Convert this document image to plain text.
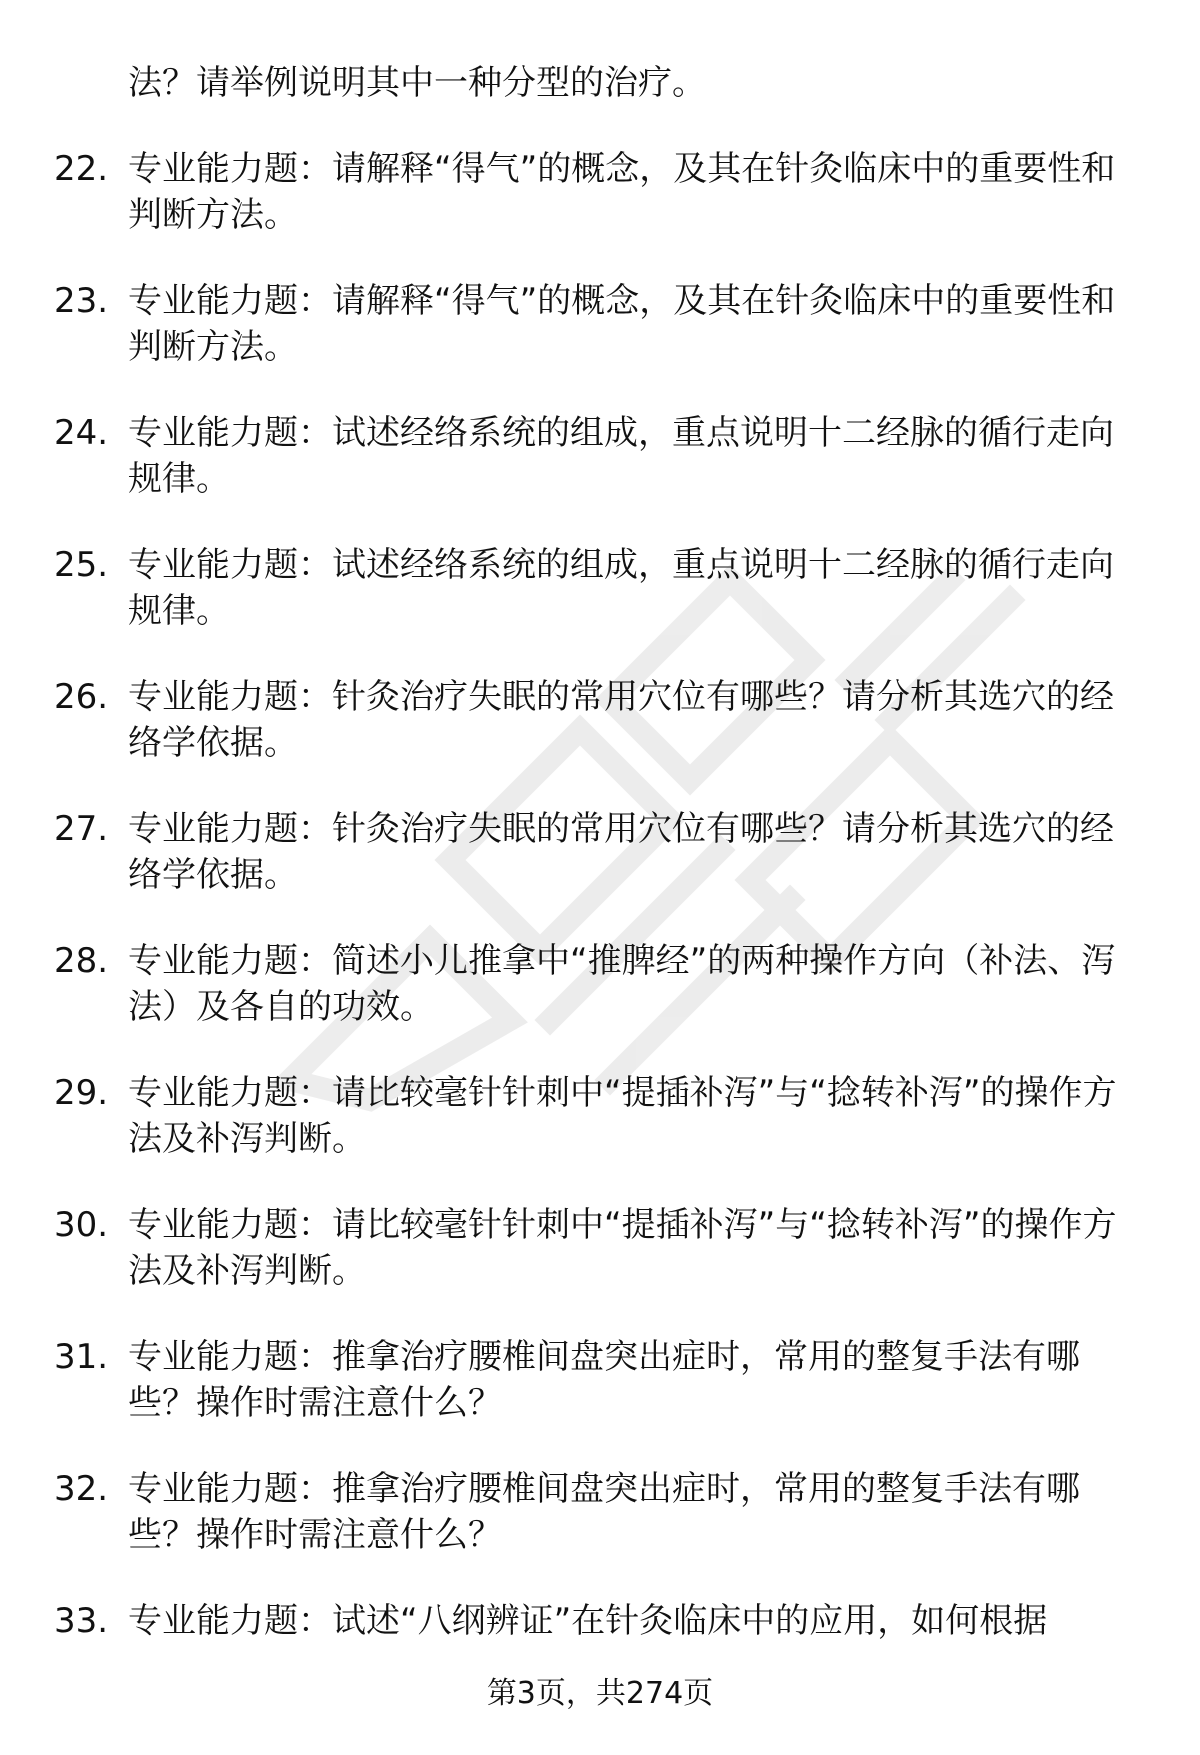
法？请举例说明其中一种分型的治疗。
22. 专业能力题：请解释“得气”的概念，及其在针灸临床中的重要性和判断方法。
23. 专业能力题：请解释“得气”的概念，及其在针灸临床中的重要性和判断方法。
24. 专业能力题：试述经络系统的组成，重点说明十二经脉的循行走向规律。
25. 专业能力题：试述经络系统的组成，重点说明十二经脉的循行走向规律。
26. 专业能力题：针灸治疗失眠的常用穴位有哪些？请分析其选穴的经络学依据。
27. 专业能力题：针灸治疗失眠的常用穴位有哪些？请分析其选穴的经络学依据。
28. 专业能力题：简述小儿推拿中“推脾经”的两种操作方向（补法、泻法）及各自的功效。
29. 专业能力题：请比较毫针针刺中“提插补泻”与“捻转补泻”的操作方法及补泻判断。
30. 专业能力题：请比较毫针针刺中“提插补泻”与“捻转补泻”的操作方法及补泻判断。
31. 专业能力题：推拿治疗腰椎间盘突出症时，常用的整复手法有哪些？操作时需注意什么？
32. 专业能力题：推拿治疗腰椎间盘突出症时，常用的整复手法有哪些？操作时需注意什么？
33. 专业能力题：试述“八纲辨证”在针灸临床中的应用，如何根据
第3页，共274页
